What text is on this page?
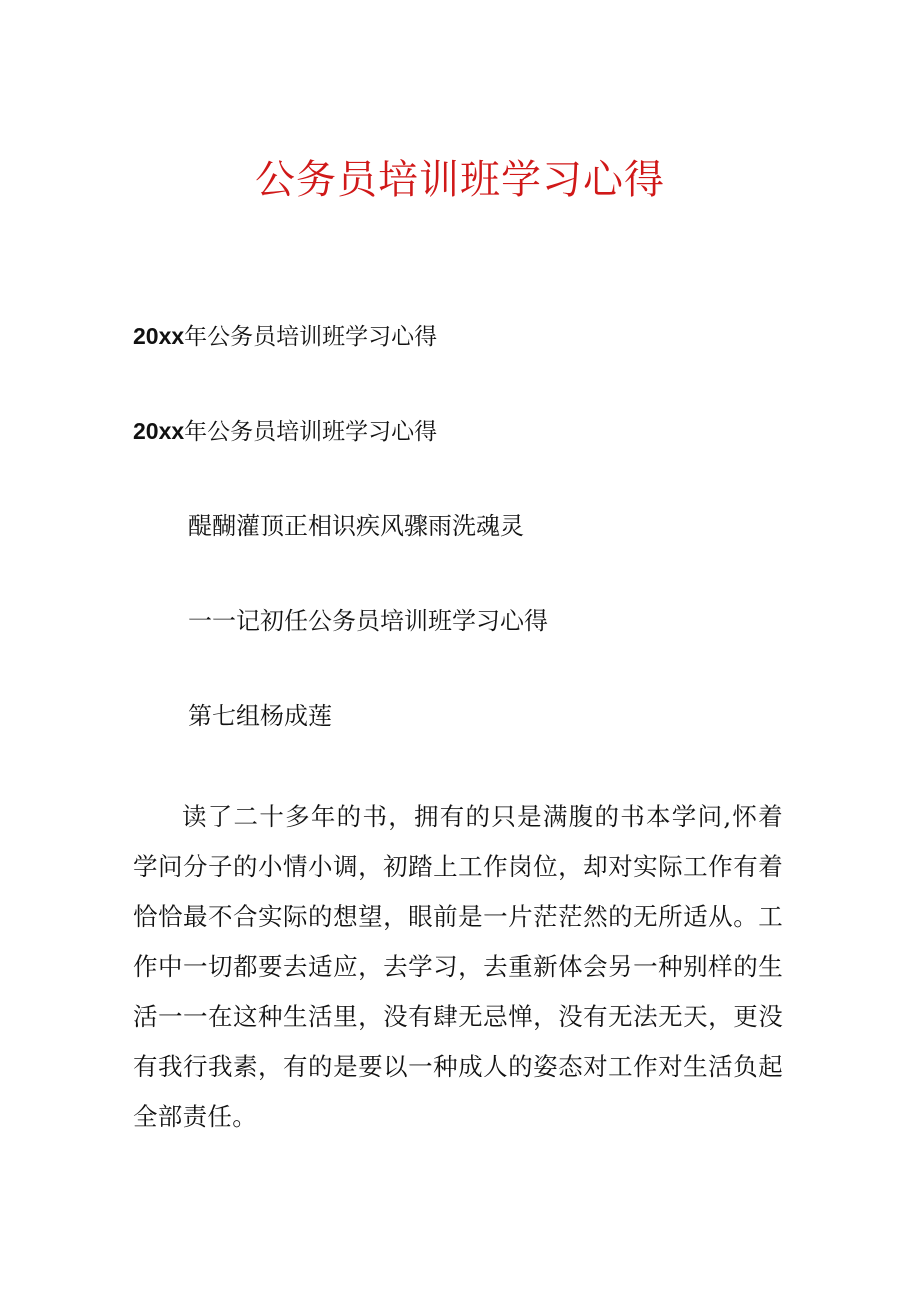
公务员培训班学习心得

20xx年公务员培训班学习心得

20xx年公务员培训班学习心得

醍醐灌顶正相识疾风骤雨洗魂灵

一一记初任公务员培训班学习心得

第七组杨成莲

读了二十多年的书，拥有的只是满腹的书本学问,怀着学问分子的小情小调，初踏上工作岗位，却对实际工作有着恰恰最不合实际的想望，眼前是一片茫茫然的无所适从。工作中一切都要去适应，去学习，去重新体会另一种别样的生活一一在这种生活里，没有肆无忌惮，没有无法无天，更没有我行我素，有的是要以一种成人的姿态对工作对生活负起全部责任。
